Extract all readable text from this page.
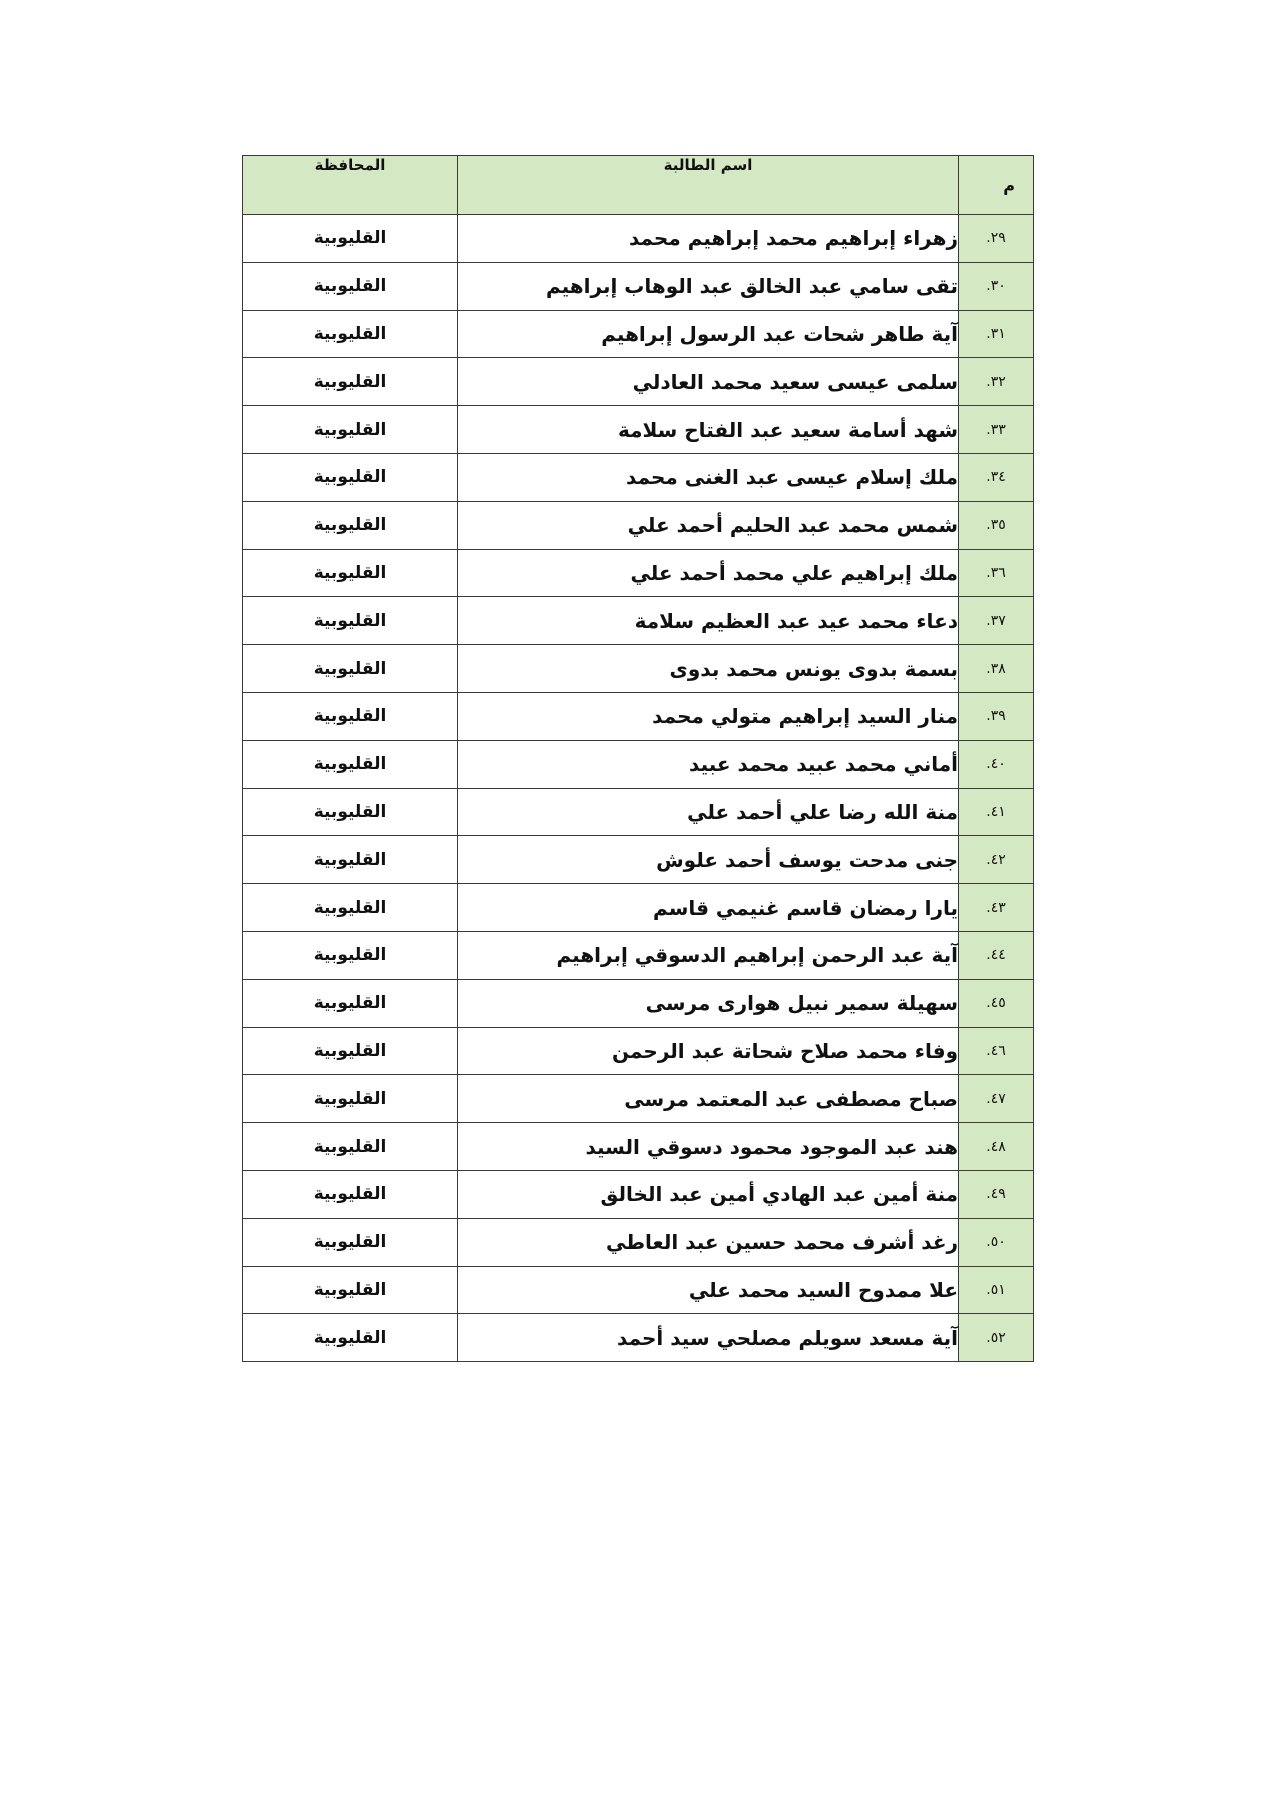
م	اسم الطالبة	المحافظة
٢٩.	زهراء إبراهيم محمد إبراهيم محمد	القليوبية
٣٠.	تقى سامي عبد الخالق عبد الوهاب إبراهيم	القليوبية
٣١.	آية طاهر شحات عبد الرسول إبراهيم	القليوبية
٣٢.	سلمى عيسى سعيد محمد العادلي	القليوبية
٣٣.	شهد أسامة سعيد عبد الفتاح سلامة	القليوبية
٣٤.	ملك إسلام عيسى عبد الغنى محمد	القليوبية
٣٥.	شمس محمد عبد الحليم أحمد علي	القليوبية
٣٦.	ملك إبراهيم علي محمد أحمد علي	القليوبية
٣٧.	دعاء محمد عيد عبد العظيم سلامة	القليوبية
٣٨.	بسمة بدوى يونس محمد بدوى	القليوبية
٣٩.	منار السيد إبراهيم متولي محمد	القليوبية
٤٠.	أماني محمد عبيد محمد عبيد	القليوبية
٤١.	منة الله رضا علي أحمد علي	القليوبية
٤٢.	جنى مدحت يوسف أحمد علوش	القليوبية
٤٣.	يارا رمضان قاسم غنيمي قاسم	القليوبية
٤٤.	آية عبد الرحمن إبراهيم الدسوقي إبراهيم	القليوبية
٤٥.	سهيلة سمير نبيل هوارى مرسى	القليوبية
٤٦.	وفاء محمد صلاح شحاتة عبد الرحمن	القليوبية
٤٧.	صباح مصطفى عبد المعتمد مرسى	القليوبية
٤٨.	هند عبد الموجود محمود دسوقي السيد	القليوبية
٤٩.	منة أمين عبد الهادي أمين عبد الخالق	القليوبية
٥٠.	رغد أشرف محمد حسين عبد العاطي	القليوبية
٥١.	علا ممدوح السيد محمد علي	القليوبية
٥٢.	آية مسعد سويلم مصلحي سيد أحمد	القليوبية
